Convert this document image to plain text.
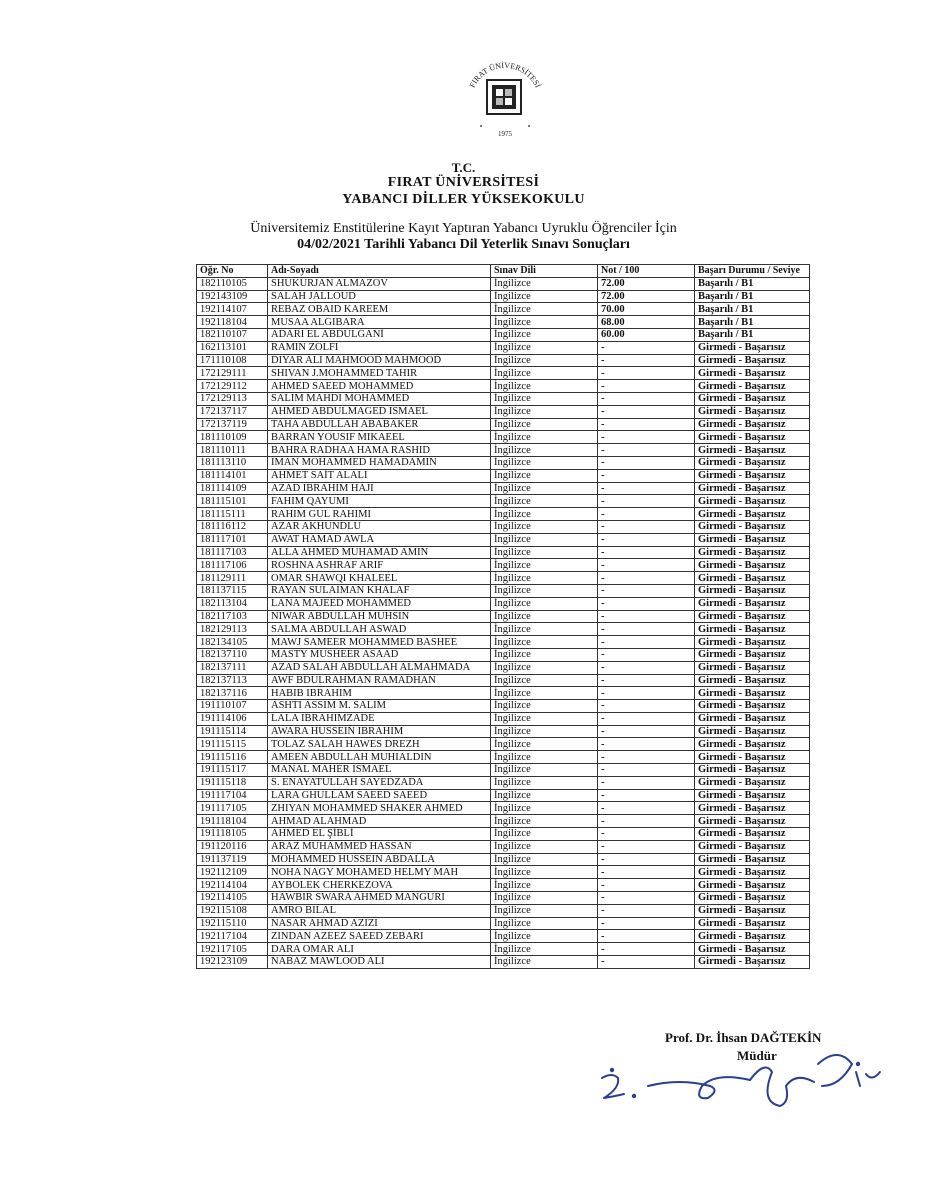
FIRAT ÜNİVERSİTESİ
1975
T.C.
FIRAT ÜNİVERSİTESİ
YABANCI DİLLER YÜKSEKOKULU
Üniversitemiz Enstitülerine Kayıt Yaptıran Yabancı Uyruklu Öğrenciler İçin
04/02/2021 Tarihli Yabancı Dil Yeterlik Sınavı Sonuçları
Öğr. No	Adı-Soyadı	Sınav Dili	Not / 100	Başarı Durumu / Seviye
182110105	SHUKURJAN ALMAZOV	İngilizce	72.00	Başarılı / B1
192143109	SALAH JALLOUD	İngilizce	72.00	Başarılı / B1
192114107	REBAZ OBAID KAREEM	İngilizce	70.00	Başarılı / B1
192118104	MUSAA ALGIBARA	İngilizce	68.00	Başarılı / B1
182110107	ADARI EL ABDULĞANİ	İngilizce	60.00	Başarılı / B1
162113101	RAMIN ZOLFI	İngilizce	-	Girmedi - Başarısız
171110108	DIYAR ALI MAHMOOD MAHMOOD	İngilizce	-	Girmedi - Başarısız
172129111	SHIVAN J.MOHAMMED TAHIR	İngilizce	-	Girmedi - Başarısız
172129112	AHMED SAEED MOHAMMED	İngilizce	-	Girmedi - Başarısız
172129113	SALIM MAHDI MOHAMMED	İngilizce	-	Girmedi - Başarısız
172137117	AHMED ABDULMAGED ISMAEL	İngilizce	-	Girmedi - Başarısız
172137119	TAHA ABDULLAH ABABAKER	İngilizce	-	Girmedi - Başarısız
181110109	BARRAN YOUSIF MIKAEEL	İngilizce	-	Girmedi - Başarısız
181110111	BAHRA RADHAA HAMA RASHID	İngilizce	-	Girmedi - Başarısız
181113110	IMAN MOHAMMED HAMADAMIN	İngilizce	-	Girmedi - Başarısız
181114101	AHMET SAİT ALALI	İngilizce	-	Girmedi - Başarısız
181114109	AZAD IBRAHIM HAJI	İngilizce	-	Girmedi - Başarısız
181115101	FAHIM QAYUMI	İngilizce	-	Girmedi - Başarısız
181115111	RAHIM GUL RAHIMI	İngilizce	-	Girmedi - Başarısız
181116112	AZAR AKHUNDLU	İngilizce	-	Girmedi - Başarısız
181117101	AWAT HAMAD AWLA	İngilizce	-	Girmedi - Başarısız
181117103	ALLA AHMED MUHAMAD AMIN	İngilizce	-	Girmedi - Başarısız
181117106	ROSHNA ASHRAF ARIF	İngilizce	-	Girmedi - Başarısız
181129111	OMAR SHAWQI KHALEEL	İngilizce	-	Girmedi - Başarısız
181137115	RAYAN SULAIMAN KHALAF	İngilizce	-	Girmedi - Başarısız
182113104	LANA MAJEED MOHAMMED	İngilizce	-	Girmedi - Başarısız
182117103	NIWAR ABDULLAH MUHSIN	İngilizce	-	Girmedi - Başarısız
182129113	SALMA ABDULLAH ASWAD	İngilizce	-	Girmedi - Başarısız
182134105	MAWJ SAMEER MOHAMMED BASHEE	İngilizce	-	Girmedi - Başarısız
182137110	MASTY MUSHEER ASAAD	İngilizce	-	Girmedi - Başarısız
182137111	AZAD SALAH ABDULLAH ALMAHMADA	İngilizce	-	Girmedi - Başarısız
182137113	AWF BDULRAHMAN RAMADHAN	İngilizce	-	Girmedi - Başarısız
182137116	HABIB IBRAHIM	İngilizce	-	Girmedi - Başarısız
191110107	ASHTI ASSIM M. SALIM	İngilizce	-	Girmedi - Başarısız
191114106	LALA IBRAHIMZADE	İngilizce	-	Girmedi - Başarısız
191115114	AWARA HUSSEIN IBRAHIM	İngilizce	-	Girmedi - Başarısız
191115115	TOLAZ SALAH HAWES DREZH	İngilizce	-	Girmedi - Başarısız
191115116	AMEEN ABDULLAH MUHIALDIN	İngilizce	-	Girmedi - Başarısız
191115117	MANAL MAHER ISMAEL	İngilizce	-	Girmedi - Başarısız
191115118	S. ENAYATULLAH SAYEDZADA	İngilizce	-	Girmedi - Başarısız
191117104	LARA GHULLAM SAEED SAEED	İngilizce	-	Girmedi - Başarısız
191117105	ZHIYAN MOHAMMED SHAKER AHMED	İngilizce	-	Girmedi - Başarısız
191118104	AHMAD ALAHMAD	İngilizce	-	Girmedi - Başarısız
191118105	AHMED EL ŞİBLİ	İngilizce	-	Girmedi - Başarısız
191120116	ARAZ MUHAMMED HASSAN	İngilizce	-	Girmedi - Başarısız
191137119	MOHAMMED HUSSEIN ABDALLA	İngilizce	-	Girmedi - Başarısız
192112109	NOHA NAGY MOHAMED HELMY MAH	İngilizce	-	Girmedi - Başarısız
192114104	AYBOLEK CHERKEZOVA	İngilizce	-	Girmedi - Başarısız
192114105	HAWBIR SWARA AHMED MANGURI	İngilizce	-	Girmedi - Başarısız
192115108	AMRO BILAL	İngilizce	-	Girmedi - Başarısız
192115110	NASAR AHMAD AZIZI	İngilizce	-	Girmedi - Başarısız
192117104	ZINDAN AZEEZ SAEED ZEBARI	İngilizce	-	Girmedi - Başarısız
192117105	DARA OMAR ALI	İngilizce	-	Girmedi - Başarısız
192123109	NABAZ MAWLOOD ALI	İngilizce	-	Girmedi - Başarısız
Prof. Dr. İhsan DAĞTEKİN
Müdür
